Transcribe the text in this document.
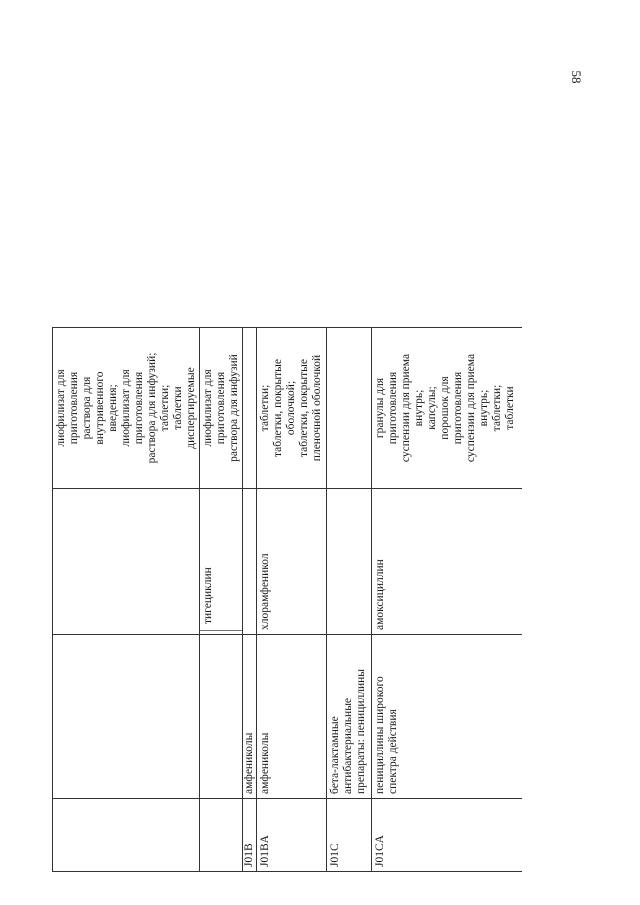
58
лиофилизат для
приготовления
раствора для
внутривенного
введения;
лиофилизат для
приготовления
раствора для инфузий;
таблетки;
таблетки
диспергируемые
тигециклин
лиофилизат для
приготовления
раствора для инфузий
J01B
амфениколы
J01BA
амфениколы
хлорамфеникол
таблетки;
таблетки, покрытые
оболочкой;
таблетки, покрытые
пленочной оболочкой
J01C
бета-лактамные
антибактериальные
препараты: пенициллины
J01CA
пенициллины широкого
спектра действия
амоксициллин
гранулы для
приготовления
суспензии для приема
внутрь;
капсулы;
порошок для
приготовления
суспензии для приема
внутрь;
таблетки;
таблетки
